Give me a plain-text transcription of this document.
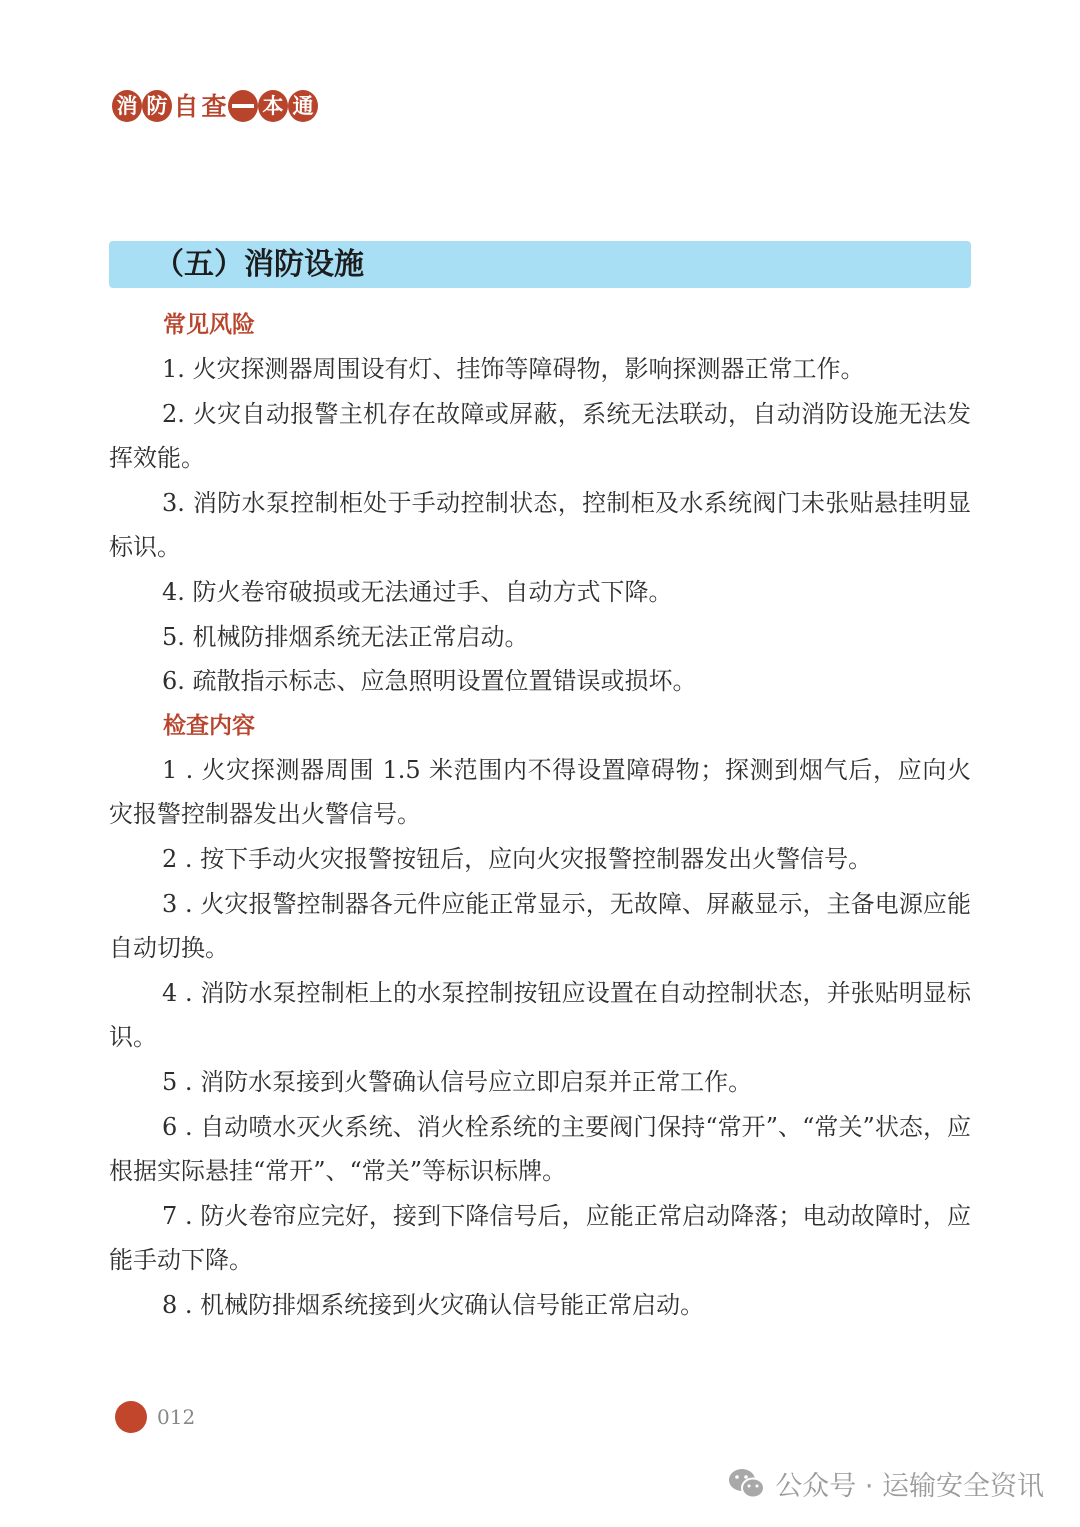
消 防 自 查 本 通
（五）消防设施
常见风险

1. 火灾探测器周围设有灯、挂饰等障碍物，影响探测器正常工作。

2. 火灾自动报警主机存在故障或屏蔽，系统无法联动，自动消防设施无法发挥效能。

3. 消防水泵控制柜处于手动控制状态，控制柜及水系统阀门未张贴悬挂明显标识。

4. 防火卷帘破损或无法通过手、自动方式下降。

5. 机械防排烟系统无法正常启动。

6. 疏散指示标志、应急照明设置位置错误或损坏。

检查内容

1 . 火灾探测器周围 1.5 米范围内不得设置障碍物；探测到烟气后，应向火灾报警控制器发出火警信号。

2 . 按下手动火灾报警按钮后，应向火灾报警控制器发出火警信号。

3 . 火灾报警控制器各元件应能正常显示，无故障、屏蔽显示，主备电源应能自动切换。

4 . 消防水泵控制柜上的水泵控制按钮应设置在自动控制状态，并张贴明显标识。

5 . 消防水泵接到火警确认信号应立即启泵并正常工作。

6 . 自动喷水灭火系统、消火栓系统的主要阀门保持“常开”、“常关”状态，应根据实际悬挂“常开”、“常关”等标识标牌。

7 . 防火卷帘应完好，接到下降信号后，应能正常启动降落；电动故障时，应能手动下降。

8 . 机械防排烟系统接到火灾确认信号能正常启动。

012
公众号 · 运输安全资讯
